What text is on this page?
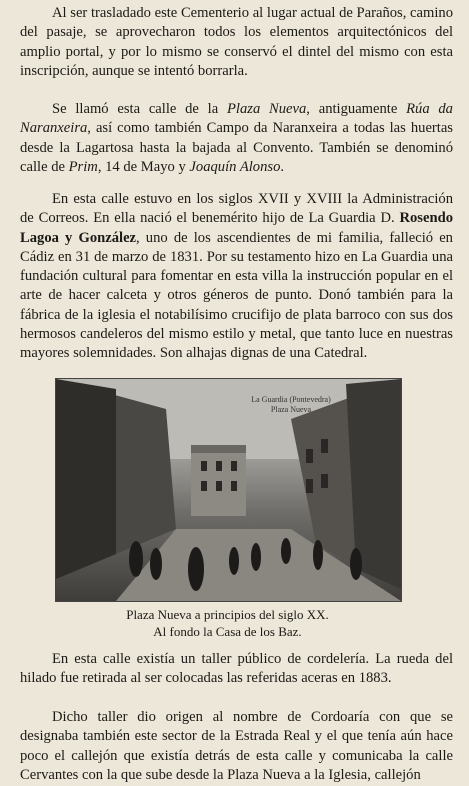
Al ser trasladado este Cementerio al lugar actual de Paraños, camino del pasaje, se aprovecharon todos los elementos arquitectónicos del amplio portal, y por lo mismo se conservó el dintel del mismo con esta inscripción, aunque se intentó borrarla.

Se llamó esta calle de la Plaza Nueva, antiguamente Rúa da Naranxeira, así como también Campo da Naranxeira a todas las huertas desde la Lagartosa hasta la bajada al Convento. También se denominó calle de Prim, 14 de Mayo y Joaquín Alonso.

En esta calle estuvo en los siglos XVII y XVIII la Administración de Correos. En ella nació el benemérito hijo de La Guardia D. Rosendo Lagoa y González, uno de los ascendientes de mi familia, falleció en Cádiz en 31 de marzo de 1831. Por su testamento hizo en La Guardia una fundación cultural para fomentar en esta villa la instrucción popular en el arte de hacer calceta y otros géneros de punto. Donó también para la fábrica de la iglesia el notabilísimo crucifijo de plata barroco con sus dos hermosos candeleros del mismo estilo y metal, que tanto luce en nuestras mayores solemnidades. Son alhajas dignas de una Catedral.

La Guardia (Pontevedra)
Plaza Nueva
Plaza Nueva a principios del siglo XX.
Al fondo la Casa de los Baz.

En esta calle existía un taller público de cordelería. La rueda del hilado fue retirada al ser colocadas las referidas aceras en 1883.

Dicho taller dio origen al nombre de Cordoaría con que se designaba también este sector de la Estrada Real y el que tenía aún hace poco el callejón que existía detrás de esta calle y comunicaba la calle Cervantes con la que sube desde la Plaza Nueva a la Iglesia, callejón
